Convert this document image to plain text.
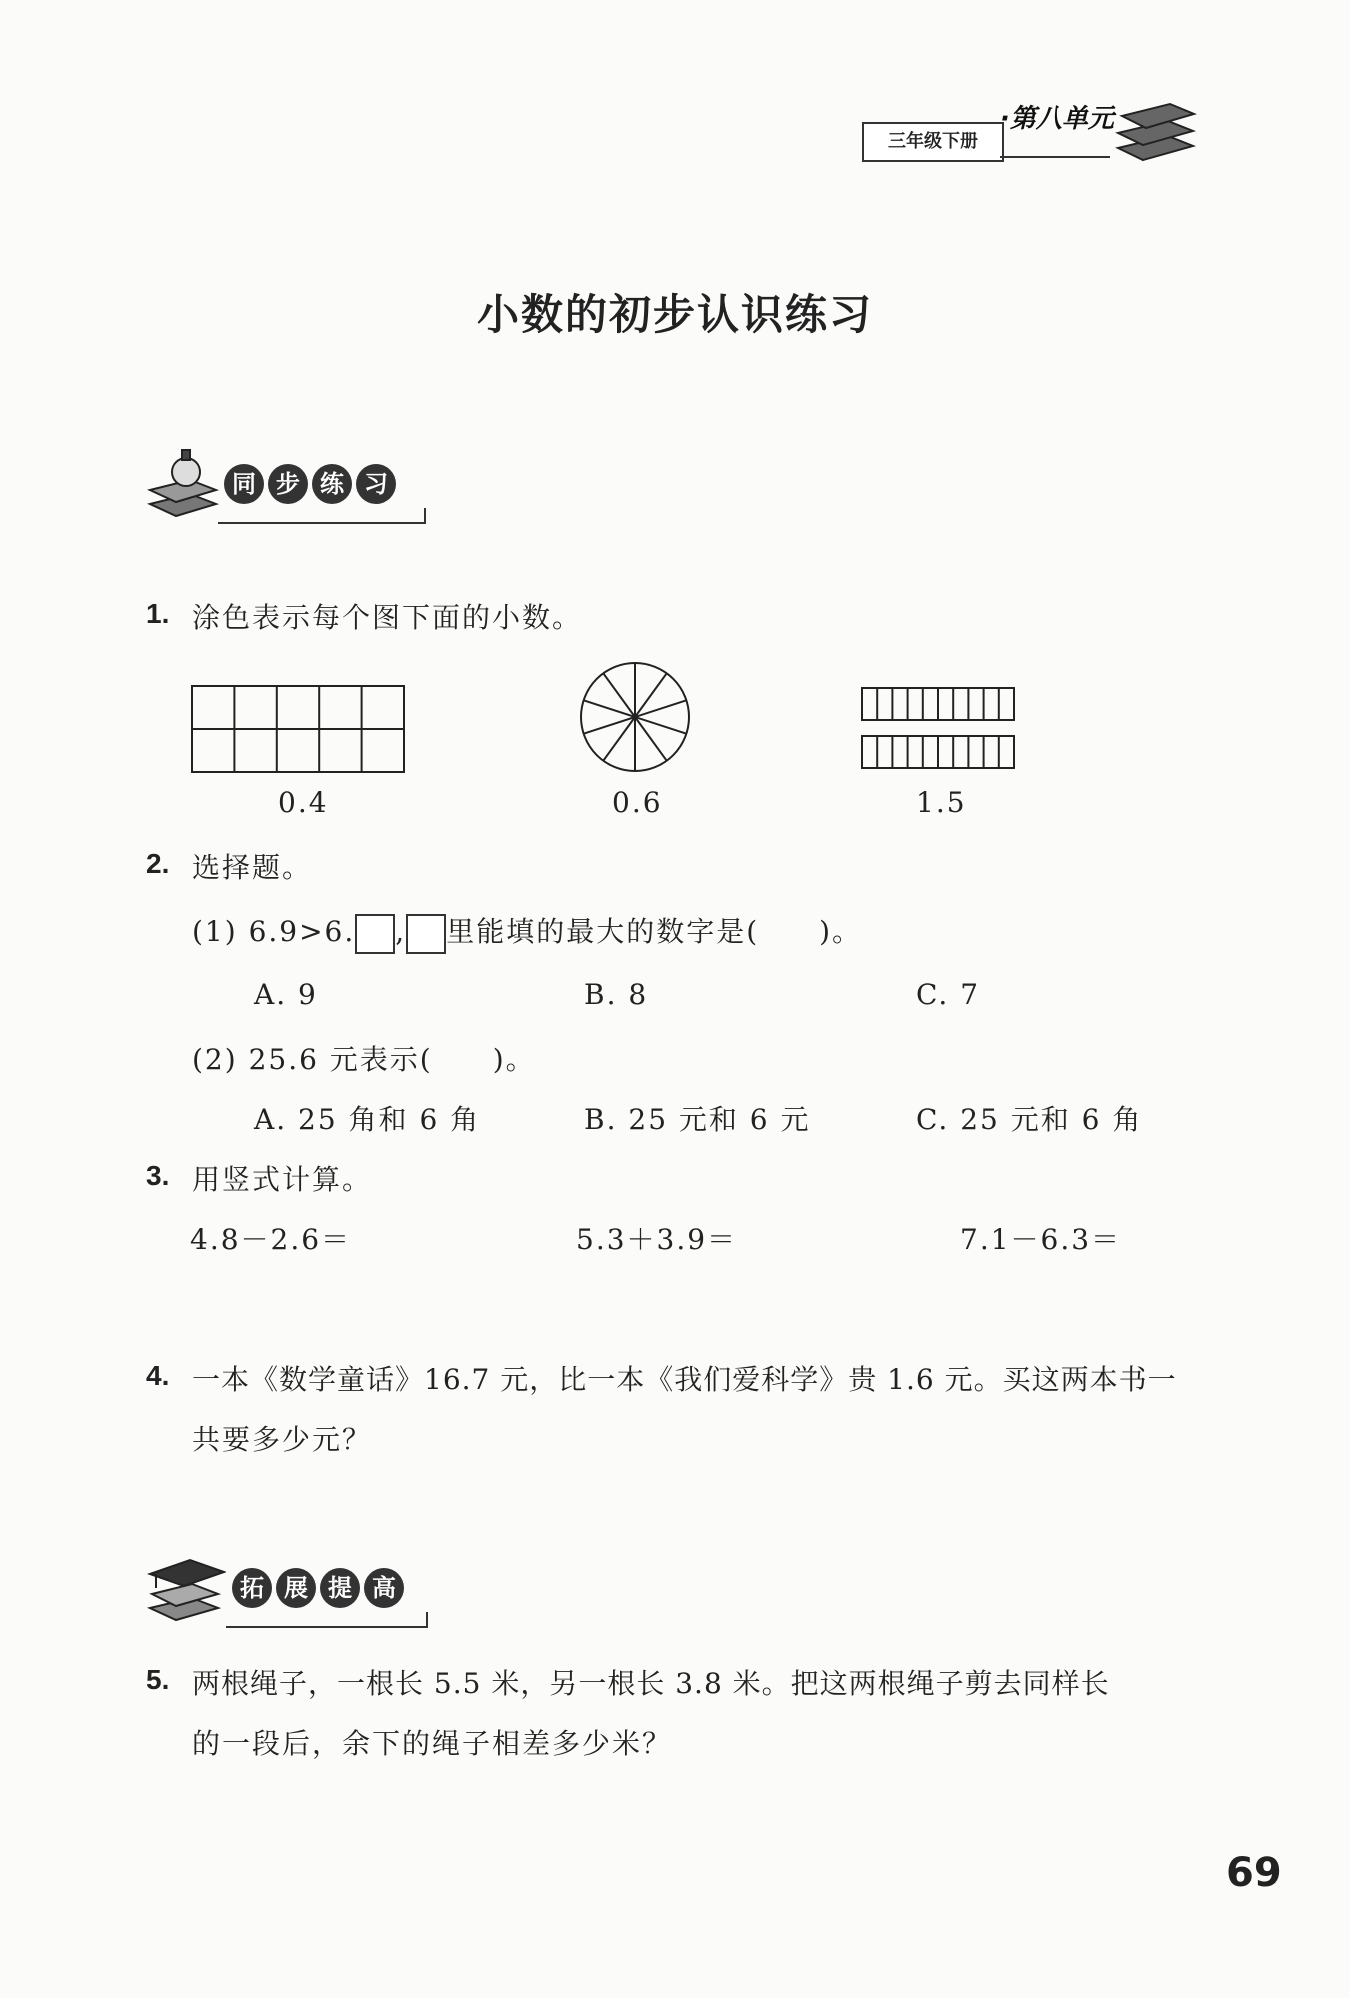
三年级下册
·第八单元
小数的初步认识练习
同 步 练 习
1. 涂色表示每个图下面的小数。
0.4	0.6	1.5
2. 选择题。
(1) 6.9>6. , 里能填的最大的数字是(　　)。
A. 9	B. 8	C. 7
(2) 25.6 元表示(　　)。
A. 25 角和 6 角	B. 25 元和 6 元	C. 25 元和 6 角
3. 用竖式计算。
4.8－2.6＝	5.3＋3.9＝	7.1－6.3＝
4. 一本《数学童话》16.7 元，比一本《我们爱科学》贵 1.6 元。买这两本书一
共要多少元？
拓 展 提 高
5. 两根绳子，一根长 5.5 米，另一根长 3.8 米。把这两根绳子剪去同样长
的一段后，余下的绳子相差多少米？
69
